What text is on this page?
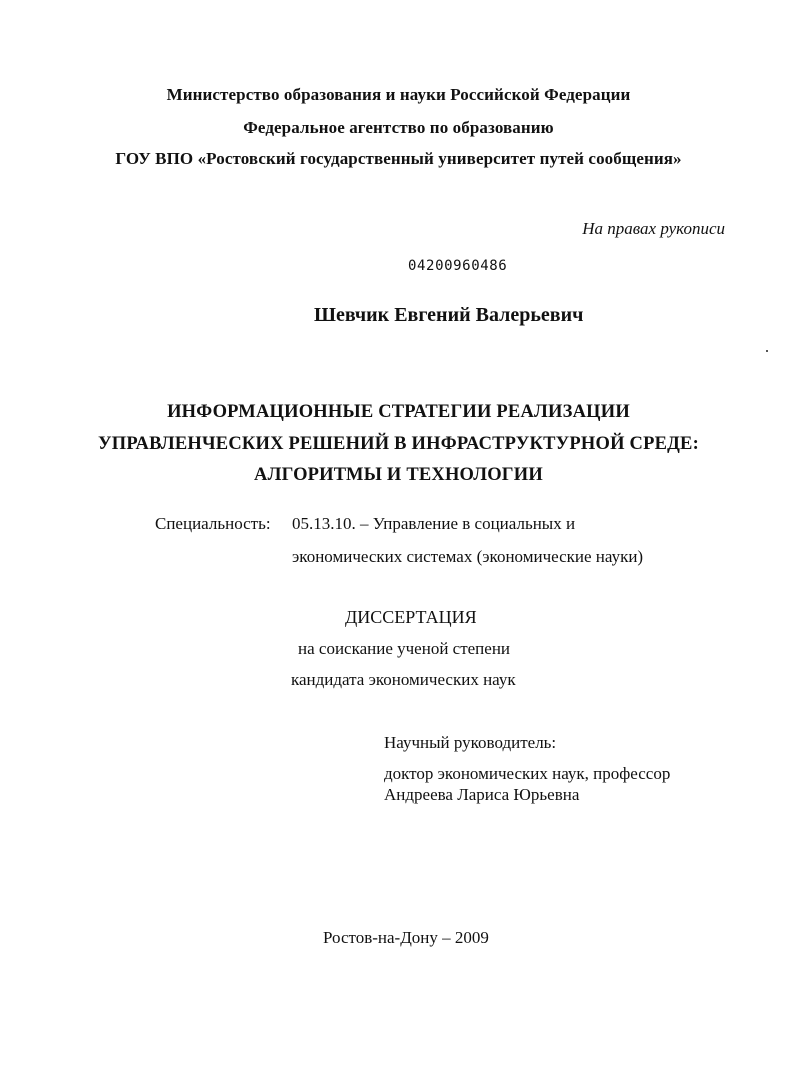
Министерство образования и науки Российской Федерации
Федеральное агентство по образованию
ГОУ ВПО «Ростовский государственный университет путей сообщения»
На правах рукописи
04200960486
Шевчик Евгений Валерьевич
ИНФОРМАЦИОННЫЕ СТРАТЕГИИ РЕАЛИЗАЦИИ
УПРАВЛЕНЧЕСКИХ РЕШЕНИЙ В ИНФРАСТРУКТУРНОЙ СРЕДЕ:
АЛГОРИТМЫ И ТЕХНОЛОГИИ
Специальность: 05.13.10. – Управление в социальных и
экономических системах (экономические науки)
ДИССЕРТАЦИЯ
на соискание ученой степени
кандидата экономических наук
Научный руководитель:
доктор экономических наук, профессор
Андреева Лариса Юрьевна
Ростов-на-Дону – 2009
